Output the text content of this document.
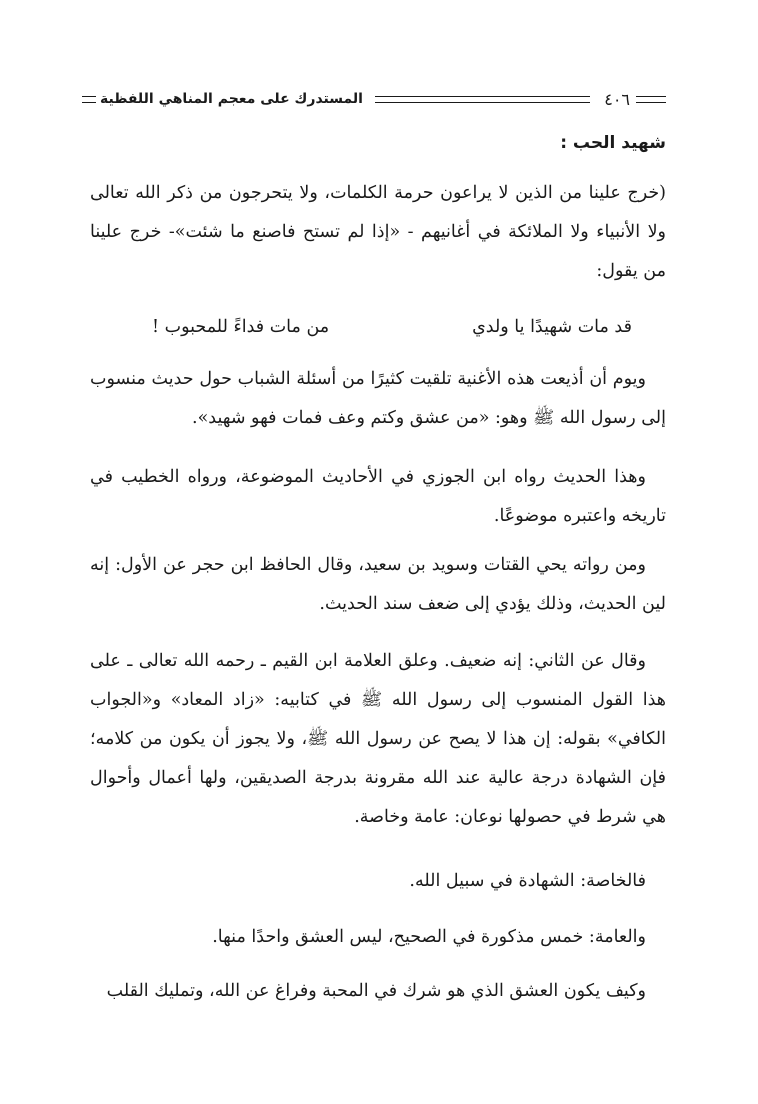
٤٠٦
المستدرك على معجم المناهي اللفظية
شهيد الحب :

(خرج علينا من الذين لا يراعون حرمة الكلمات، ولا يتحرجون من ذكر الله تعالى ولا الأنبياء ولا الملائكة في أغانيهم - «إذا لم تستح فاصنع ما شئت»- خرج علينا من يقول:

قد مات شهيدًا يا ولدي
من مات فداءً للمحبوب !

ويوم أن أذيعت هذه الأغنية تلقيت كثيرًا من أسئلة الشباب حول حديث منسوب إلى رسول الله ﷺ وهو: «من عشق وكتم وعف فمات فهو شهيد».

وهذا الحديث رواه ابن الجوزي في الأحاديث الموضوعة، ورواه الخطيب في تاريخه واعتبره موضوعًا.

ومن رواته يحي القتات وسويد بن سعيد، وقال الحافظ ابن حجر عن الأول: إنه لين الحديث، وذلك يؤدي إلى ضعف سند الحديث.

وقال عن الثاني: إنه ضعيف. وعلق العلامة ابن القيم ـ رحمه الله تعالى ـ على هذا القول المنسوب إلى رسول الله ﷺ في كتابيه: «زاد المعاد» و«الجواب الكافي» بقوله: إن هذا لا يصح عن رسول الله ﷺ، ولا يجوز أن يكون من كلامه؛ فإن الشهادة درجة عالية عند الله مقرونة بدرجة الصديقين، ولها أعمال وأحوال هي شرط في حصولها نوعان: عامة وخاصة.

فالخاصة: الشهادة في سبيل الله.
والعامة: خمس مذكورة في الصحيح، ليس العشق واحدًا منها.

وكيف يكون العشق الذي هو شرك في المحبة وفراغ عن الله، وتمليك القلب
